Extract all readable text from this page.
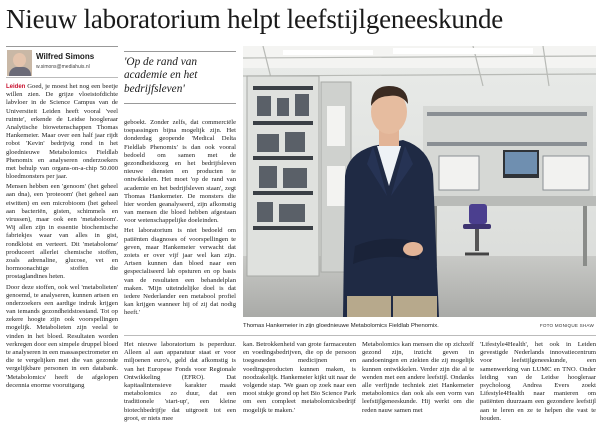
Nieuw laboratorium helpt leefstijlgeneeskunde
Wilfred Simons
w.simons@mediahuis.nl

Leiden Goed, je moest het nog een beetje willen zien. De grijze vloeistofdichte labvloer in de Science Campus van de Universiteit Leiden heeft vooral 'veel ruimte', erkende de Leidse hoogleraar Analytische biowetenschappen Thomas Hankemeier. Maar over een half jaar rijdt robot 'Kevin' bedrijvig rond in het gloednieuwe Metabolomics Fieldlab Phenomix en analyseren onderzoekers met behulp van organs-on-a-chip 50.000 bloedmonsters per jaar.

Mensen hebben een 'genoom' (het geheel aan dna), een 'proteoom' (het geheel aan eiwitten) en een microbioom (het geheel aan bacteriën, gisten, schimmels en virussen), maar ook een 'metaboloom'. Wij allen zijn in essentie biochemische fabriekjes waar van alles in gist, rondklotst en verteert. Dit 'metabolome' produceert allerlei chemische stoffen, zoals adrenaline, glucose, vet en hormoonachtige stoffen die prostaglandines heten.

Door deze stoffen, ook wel 'metabolieten' genoemd, te analyseren, kunnen artsen en onderzoekers een aardige indruk krijgen van iemands gezondheidstoestand. Tot op zekere hoogte zijn ook voorspellingen mogelijk. Metabolieten zijn veelal te vinden in het bloed. Resultaten worden verkregen door een simpele druppel bloed te analyseren in een massaspectrometer en die te vergelijken met die van gezonde vergelijkbare personen in een databank. 'Metabolomics' heeft de afgelopen decennia enorme vooruitgang

'Op de rand van academie en het bedrijfsleven'

geboekt. Zonder zelfs, dat commerciële toepassingen bijna mogelijk zijn. Het donderdag geopende 'Medical Delta Fieldlab Phenomix' is dan ook vooral bedoeld om samen met de gezondheidszorg en het bedrijfsleven nieuwe diensten en producten te ontwikkelen. Het moet 'op de rand van academie en het bedrijfsleven staan', zegt Thomas Hankemeier. De monsters die hier worden geanalyseerd, zijn afkomstig van mensen die bloed hebben afgestaan voor wetenschappelijke doeleinden.

Het laboratorium is niet bedoeld om patiënten diagnoses of voorspellingen te geven, maar Hankemeier verwacht dat zoiets er over vijf jaar wel kan zijn. Artsen kunnen dan bloed naar een gespecialiseerd lab opsturen en op basis van de resultaten een behandelplan maken. 'Mijn uiteindelijke doel is dat iedere Nederlander een metabool profiel kan krijgen wanneer hij of zij dat nodig heeft.'

Thomas Hankemeier in zijn gloednieuwe Metabolomics Fieldlab Phenomix.	FOTO MONIQUE SHAW

Het nieuwe laboratorium is peperduur. Alleen al aan apparatuur staat er voor miljoenen euro's, geld dat afkomstig is van het Europese Fonds voor Regionale Ontwikkeling (EFRO). Dat kapitaalintensieve karakter maakt metabolomics zo duur, dat een traditionele 'start-up', een kleine biotechbedrijfje dat uitgroeit tot een groot, er niets mee

kan. Betrokkenheid van grote farmaceuten en voedingsbedrijven, die op de persoon toegesneden medicijnen en voedingsproducten kunnen maken, is noodzakelijk. Hankemeier kijkt uit naar de volgende stap. 'We gaan op zoek naar een mooi stukje grond op het Bio Science Park om een compleet metabolomicsbedrijf mogelijk te maken.'

Metabolomics kan mensen die op zichzelf gezond zijn, inzicht geven in aandoeningen en ziekten die zij mogelijk kunnen ontwikkelen. Verder zijn die al te wenden met een andere leefstijl. Ondanks alle verfijnde techniek ziet Hankemeier metabolomics dan ook als een vorm van leefstijlgeneeskunde. Hij werkt om die reden nauw samen met

'Lifestyle4Health', het ook in Leiden gevestigde Nederlands innovatiecentrum voor leefstijlgeneeskunde, een samenwerking van LUMC en TNO. Onder leiding van de Leidse hoogleraar psycholoog Andrea Evers zoekt Lifestyle4Health naar manieren om patiënten duurzaam een gezondere leefstijl aan te leren en ze te helpen die vast te houden.
